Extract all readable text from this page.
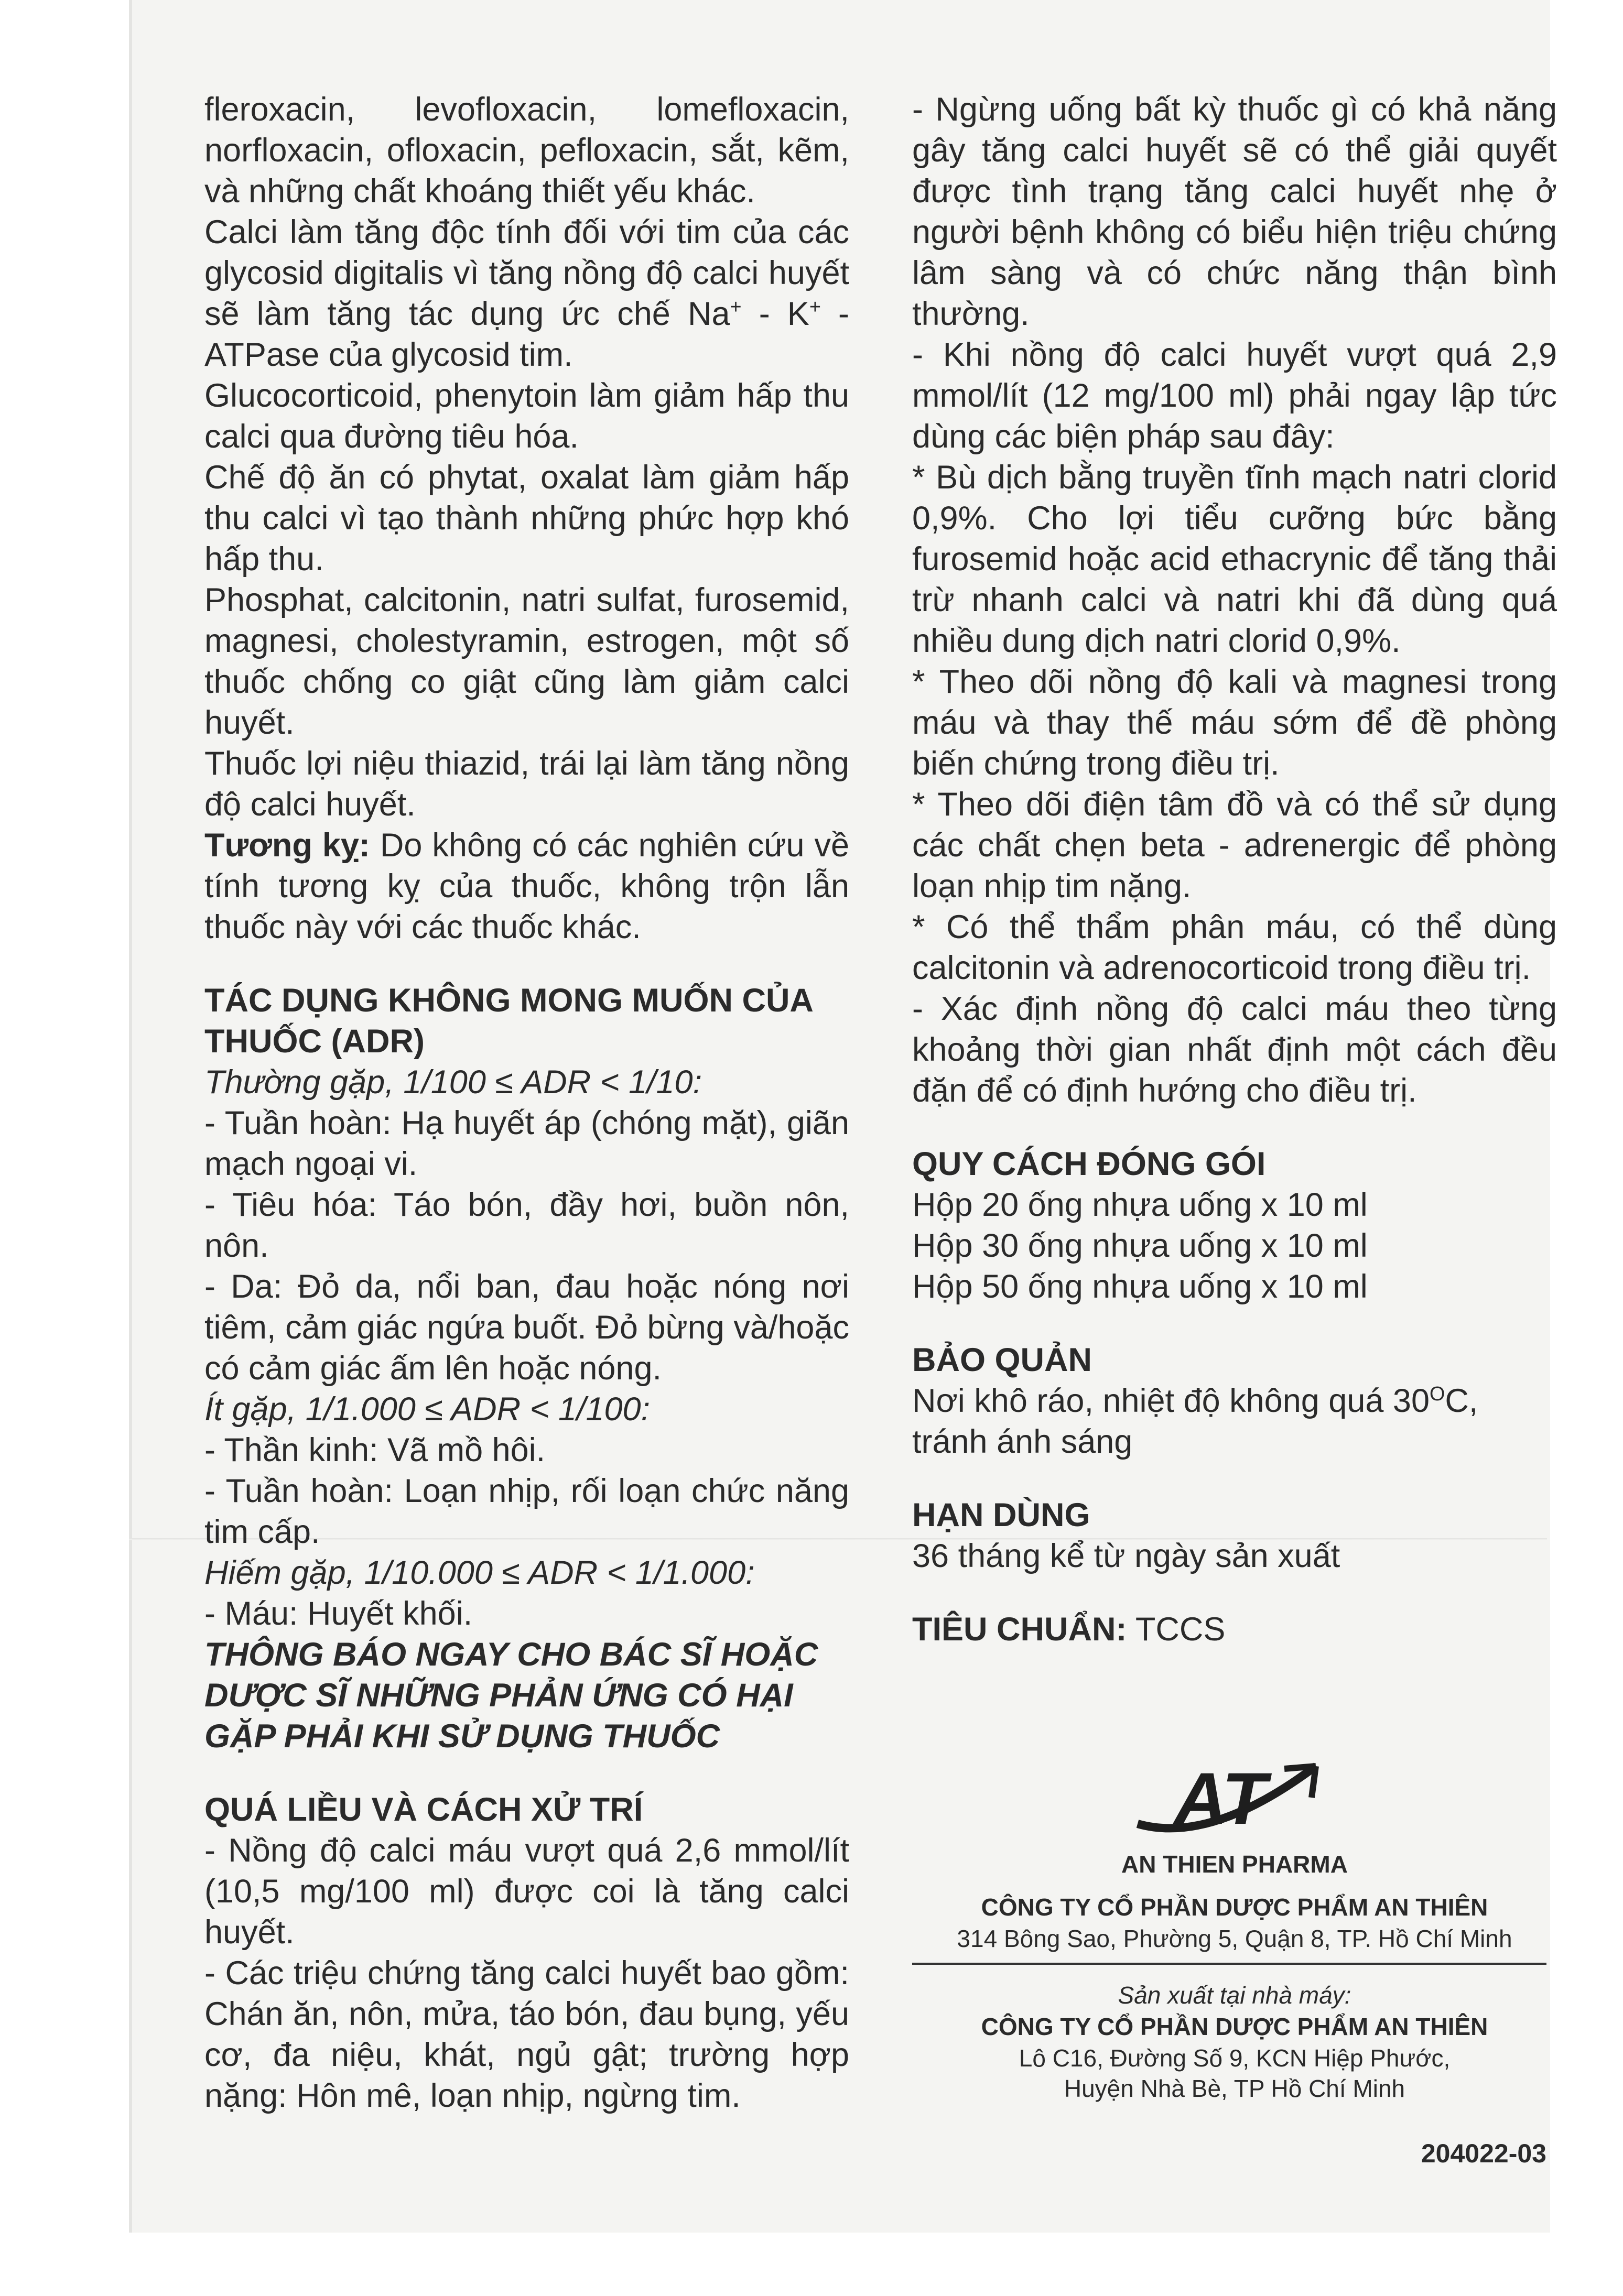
fleroxacin, levofloxacin, lomefloxacin, norfloxacin, ofloxacin, pefloxacin, sắt, kẽm, và những chất khoáng thiết yếu khác.

Calci làm tăng độc tính đối với tim của các glycosid digitalis vì tăng nồng độ calci huyết sẽ làm tăng tác dụng ức chế Na+ - K+ - ATPase của glycosid tim.

Glucocorticoid, phenytoin làm giảm hấp thu calci qua đường tiêu hóa.

Chế độ ăn có phytat, oxalat làm giảm hấp thu calci vì tạo thành những phức hợp khó hấp thu.

Phosphat, calcitonin, natri sulfat, furosemid, magnesi, cholestyramin, estrogen, một số thuốc chống co giật cũng làm giảm calci huyết.

Thuốc lợi niệu thiazid, trái lại làm tăng nồng độ calci huyết.

Tương kỵ: Do không có các nghiên cứu về tính tương kỵ của thuốc, không trộn lẫn thuốc này với các thuốc khác.

TÁC DỤNG KHÔNG MONG MUỐN CỦA THUỐC (ADR)

Thường gặp, 1/100 ≤ ADR < 1/10:

- Tuần hoàn: Hạ huyết áp (chóng mặt), giãn mạch ngoại vi.

- Tiêu hóa: Táo bón, đầy hơi, buồn nôn, nôn.

- Da: Đỏ da, nổi ban, đau hoặc nóng nơi tiêm, cảm giác ngứa buốt. Đỏ bừng và/hoặc có cảm giác ấm lên hoặc nóng.

Ít gặp, 1/1.000 ≤ ADR < 1/100:

- Thần kinh: Vã mồ hôi.

- Tuần hoàn: Loạn nhịp, rối loạn chức năng tim cấp.

Hiếm gặp, 1/10.000 ≤ ADR < 1/1.000:

- Máu: Huyết khối.

THÔNG BÁO NGAY CHO BÁC SĨ HOẶC DƯỢC SĨ NHỮNG PHẢN ỨNG CÓ HẠI GẶP PHẢI KHI SỬ DỤNG THUỐC

QUÁ LIỀU VÀ CÁCH XỬ TRÍ

- Nồng độ calci máu vượt quá 2,6 mmol/lít (10,5 mg/100 ml) được coi là tăng calci huyết.

- Các triệu chứng tăng calci huyết bao gồm: Chán ăn, nôn, mửa, táo bón, đau bụng, yếu cơ, đa niệu, khát, ngủ gật; trường hợp nặng: Hôn mê, loạn nhịp, ngừng tim.

- Ngừng uống bất kỳ thuốc gì có khả năng gây tăng calci huyết sẽ có thể giải quyết được tình trạng tăng calci huyết nhẹ ở người bệnh không có biểu hiện triệu chứng lâm sàng và có chức năng thận bình thường.

- Khi nồng độ calci huyết vượt quá 2,9 mmol/lít (12 mg/100 ml) phải ngay lập tức dùng các biện pháp sau đây:

* Bù dịch bằng truyền tĩnh mạch natri clorid 0,9%. Cho lợi tiểu cưỡng bức bằng furosemid hoặc acid ethacrynic để tăng thải trừ nhanh calci và natri khi đã dùng quá nhiều dung dịch natri clorid 0,9%.

* Theo dõi nồng độ kali và magnesi trong máu và thay thế máu sớm để đề phòng biến chứng trong điều trị.

* Theo dõi điện tâm đồ và có thể sử dụng các chất chẹn beta - adrenergic để phòng loạn nhịp tim nặng.

* Có thể thẩm phân máu, có thể dùng calcitonin và adrenocorticoid trong điều trị.

- Xác định nồng độ calci máu theo từng khoảng thời gian nhất định một cách đều đặn để có định hướng cho điều trị.

QUY CÁCH ĐÓNG GÓI

Hộp 20 ống nhựa uống x 10 ml

Hộp 30 ống nhựa uống x 10 ml

Hộp 50 ống nhựa uống x 10 ml

BẢO QUẢN

Nơi khô ráo, nhiệt độ không quá $30^OC$, tránh ánh sáng

HẠN DÙNG

36 tháng kể từ ngày sản xuất

TIÊU CHUẨN: TCCS

AT
AN THIEN PHARMA
CÔNG TY CỔ PHẦN DƯỢC PHẨM AN THIÊN
314 Bông Sao, Phường 5, Quận 8, TP. Hồ Chí Minh
Sản xuất tại nhà máy:
CÔNG TY CỔ PHẦN DƯỢC PHẨM AN THIÊN
Lô C16, Đường Số 9, KCN Hiệp Phước,
Huyện Nhà Bè, TP Hồ Chí Minh
204022-03
